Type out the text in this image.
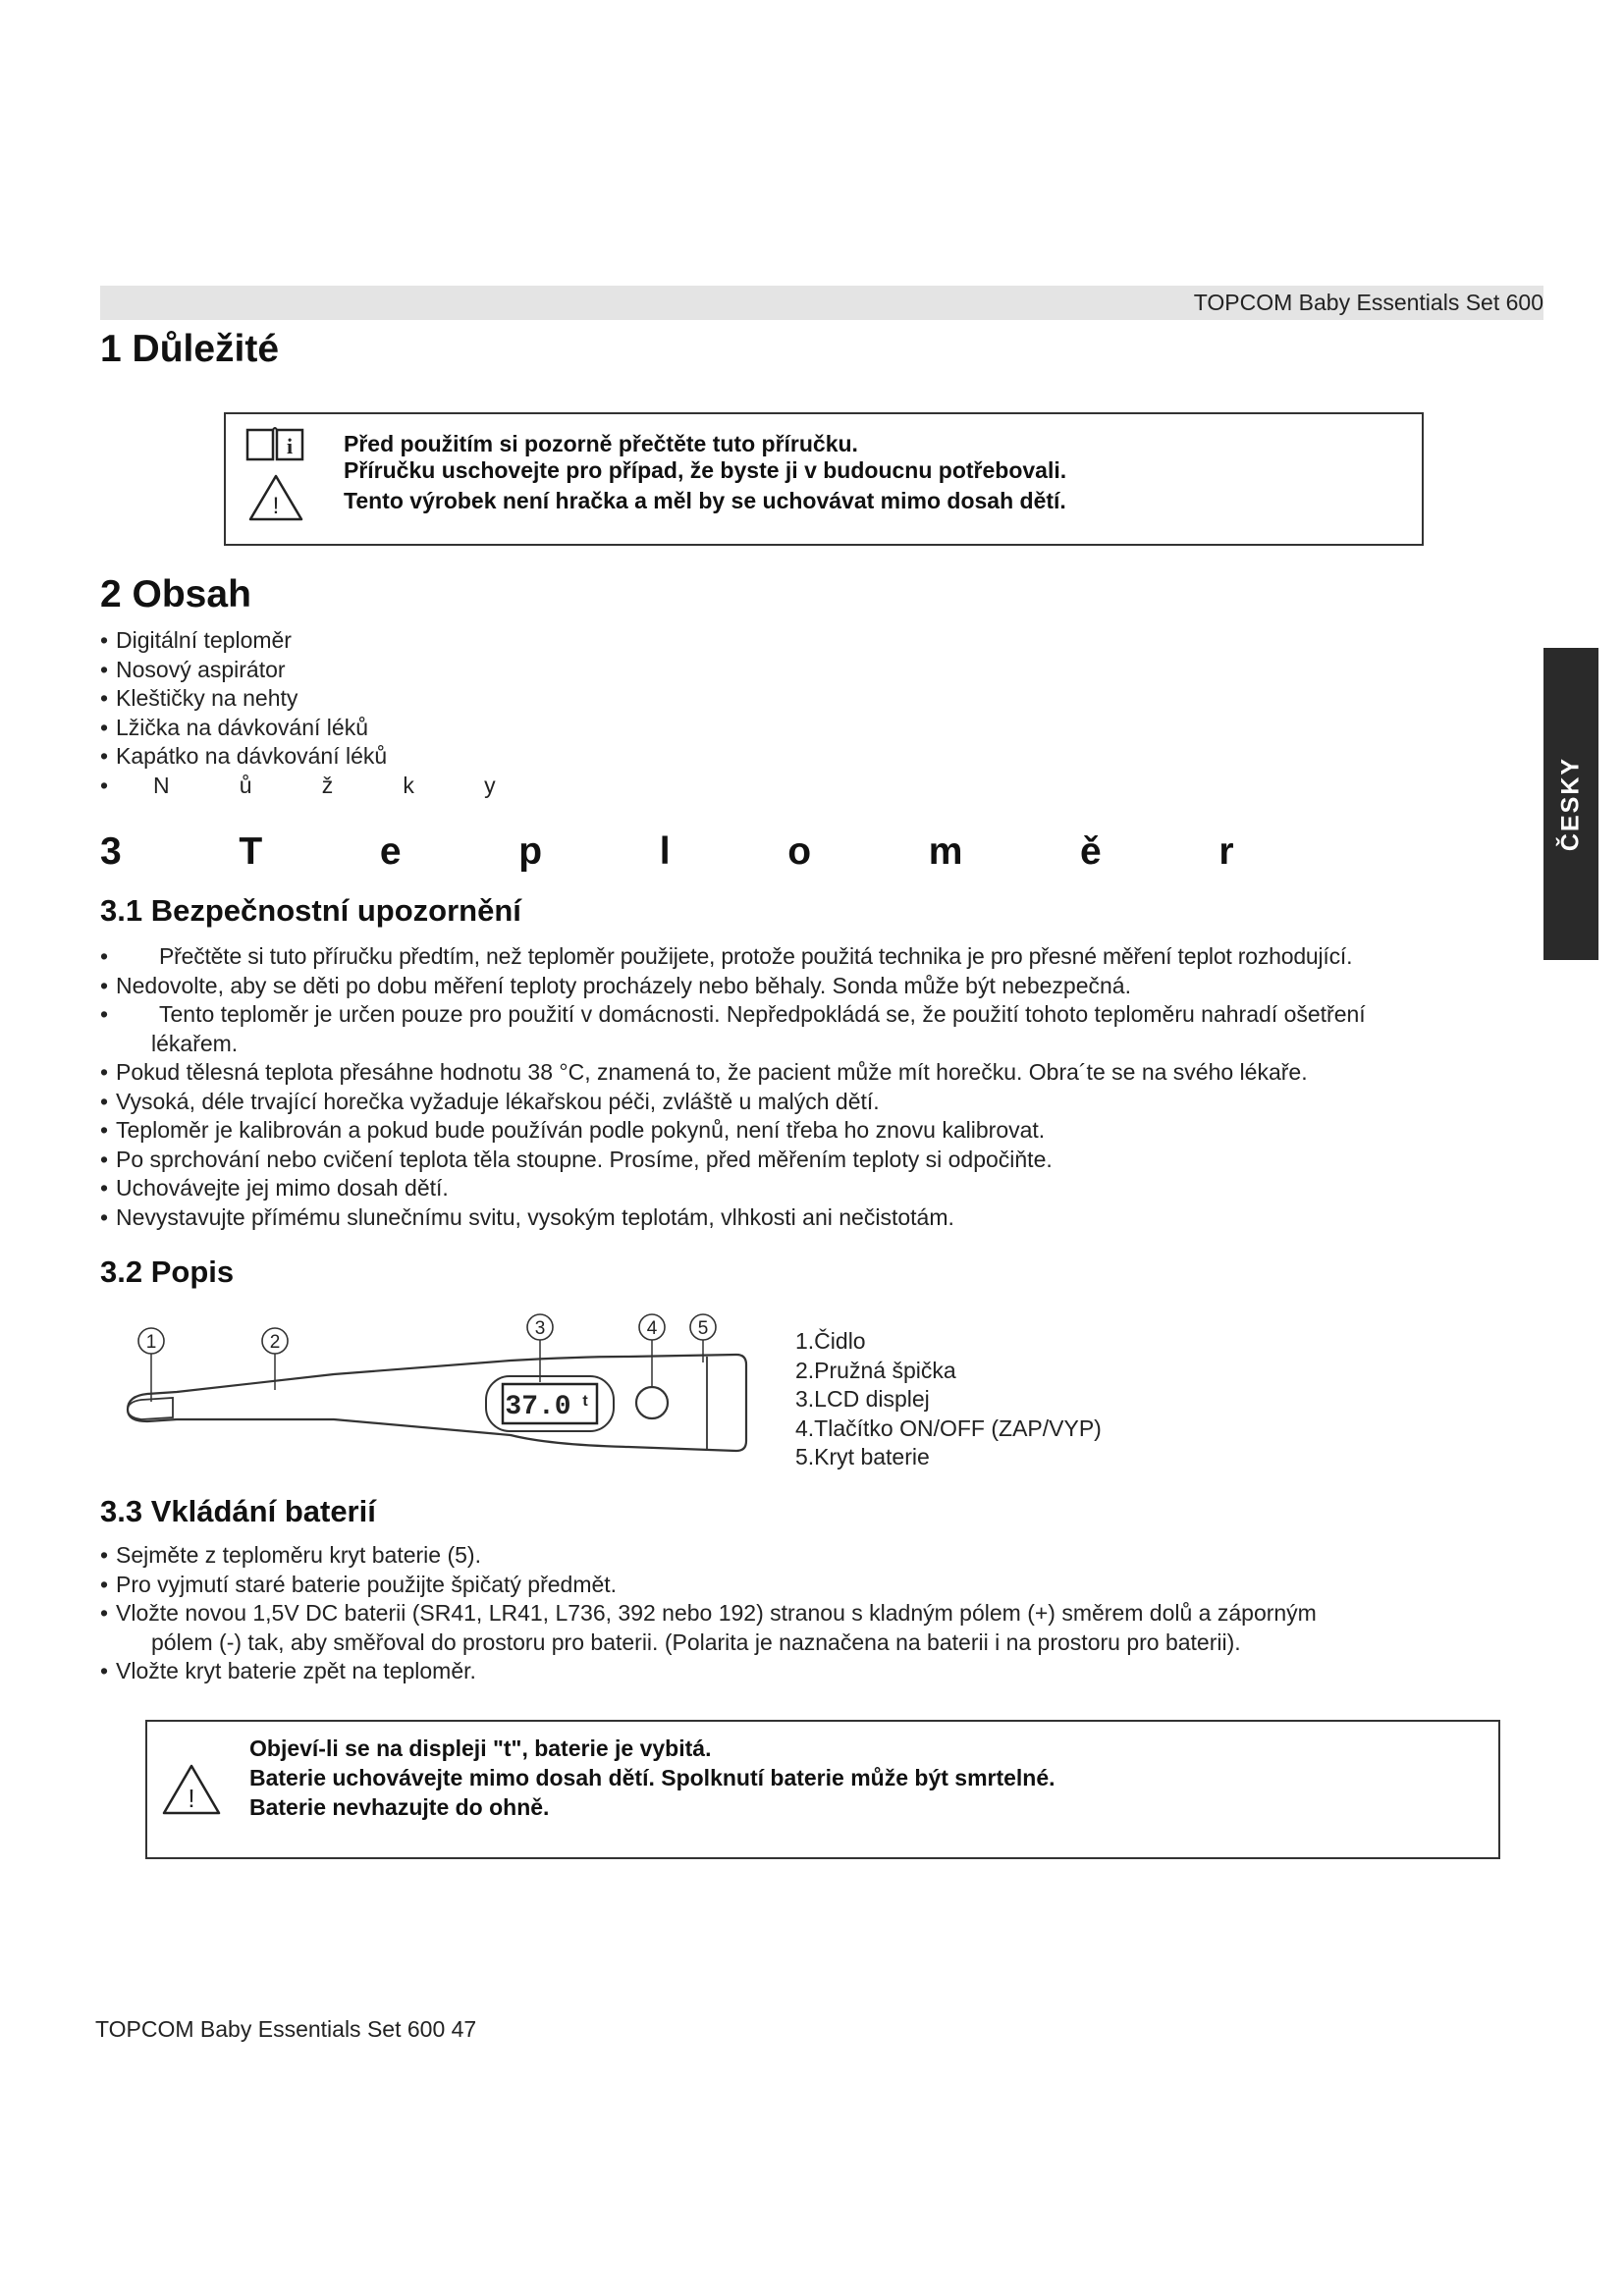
TOPCOM Baby Essentials Set 600
ČESKY
1 Důležité
i
!
Před použitím si pozorně přečtěte tuto příručku.
Příručku uschovejte pro případ, že byste ji v budoucnu potřebovali.
Tento výrobek není hračka a měl by se uchovávat mimo dosah dětí.
2 Obsah
• Digitální teploměr
• Nosový aspirátor
• Kleštičky na nehty
• Lžička na dávkování léků
• Kapátko na dávkování léků
• N   ů   ž   k   y
3  T  e  p  l  o  m  ě  r
3.1 Bezpečnostní upozornění
• Přečtěte si tuto příručku předtím, než teploměr použijete, protože použitá technika je pro přesné měření teplot rozhodující.
• Nedovolte, aby se děti po dobu měření teploty procházely nebo běhaly. Sonda může být nebezpečná.
• Tento teploměr je určen pouze pro použití v domácnosti. Nepředpokládá se, že použití tohoto teploměru nahradí ošetření
lékařem.
• Pokud tělesná teplota přesáhne hodnotu 38 °C, znamená to, že pacient může mít horečku. Obra´te se na svého lékaře.
• Vysoká, déle trvající horečka vyžaduje lékařskou péči, zvláště u malých dětí.
• Teploměr je kalibrován a pokud bude používán podle pokynů, není třeba ho znovu kalibrovat.
• Po sprchování nebo cvičení teplota těla stoupne. Prosíme, před měřením teploty si odpočiňte.
• Uchovávejte jej mimo dosah dětí.
• Nevystavujte přímému slunečnímu svitu, vysokým teplotám, vlhkosti ani nečistotám.
3.2 Popis
37.0 t
1	2
3	4 5	1.Čidlo
2.Pružná špička
3.LCD displej
4.Tlačítko ON/OFF (ZAP/VYP)
5.Kryt baterie
3.3 Vkládání baterií
• Sejměte z teploměru kryt baterie (5).
• Pro vyjmutí staré baterie použijte špičatý předmět.
• Vložte novou 1,5V DC baterii (SR41, LR41, L736, 392 nebo 192) stranou s kladným pólem (+) směrem dolů a záporným
pólem (-) tak, aby směřoval do prostoru pro baterii. (Polarita je naznačena na baterii i na prostoru pro baterii).
• Vložte kryt baterie zpět na teploměr.
!
Objeví-li se na displeji "t", baterie je vybitá.
Baterie uchovávejte mimo dosah dětí. Spolknutí baterie může být smrtelné.
Baterie nevhazujte do ohně.
TOPCOM Baby Essentials Set 600 47
